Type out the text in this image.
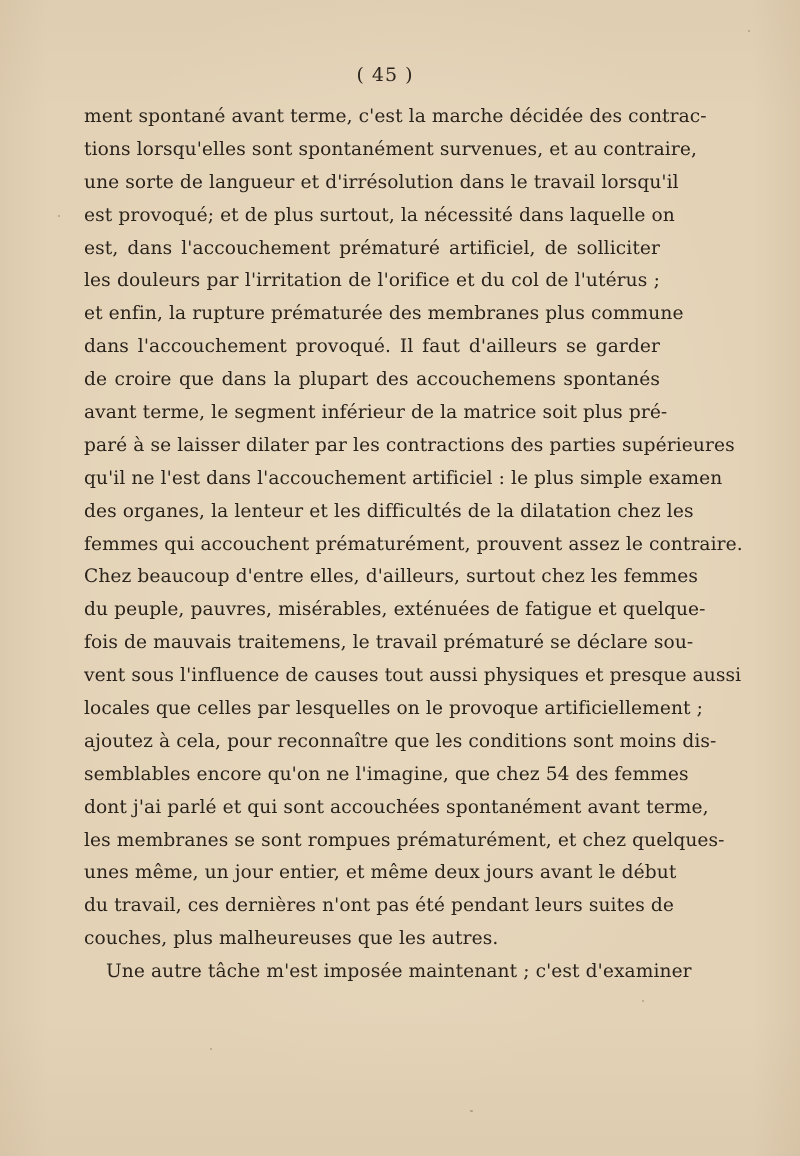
( 45 )
ment spontané avant terme, c'est la marche décidée des contrac-
tions lorsqu'elles sont spontanément survenues, et au contraire,
une sorte de langueur et d'irrésolution dans le travail lorsqu'il
est provoqué; et de plus surtout, la nécessité dans laquelle on
est, dans l'accouchement prématuré artificiel, de solliciter
les douleurs par l'irritation de l'orifice et du col de l'utérus ;
et enfin, la rupture prématurée des membranes plus commune
dans l'accouchement provoqué. Il faut d'ailleurs se garder
de croire que dans la plupart des accouchemens spontanés
avant terme, le segment inférieur de la matrice soit plus pré-
paré à se laisser dilater par les contractions des parties supérieures
qu'il ne l'est dans l'accouchement artificiel : le plus simple examen
des organes, la lenteur et les difficultés de la dilatation chez les
femmes qui accouchent prématurément, prouvent assez le contraire.
Chez beaucoup d'entre elles, d'ailleurs, surtout chez les femmes
du peuple, pauvres, misérables, exténuées de fatigue et quelque-
fois de mauvais traitemens, le travail prématuré se déclare sou-
vent sous l'influence de causes tout aussi physiques et presque aussi
locales que celles par lesquelles on le provoque artificiellement ;
ajoutez à cela, pour reconnaître que les conditions sont moins dis-
semblables encore qu'on ne l'imagine, que chez 54 des femmes
dont j'ai parlé et qui sont accouchées spontanément avant terme,
les membranes se sont rompues prématurément, et chez quelques-
unes même, un jour entier, et même deux jours avant le début
du travail, ces dernières n'ont pas été pendant leurs suites de
couches, plus malheureuses que les autres.
Une autre tâche m'est imposée maintenant ; c'est d'examiner
